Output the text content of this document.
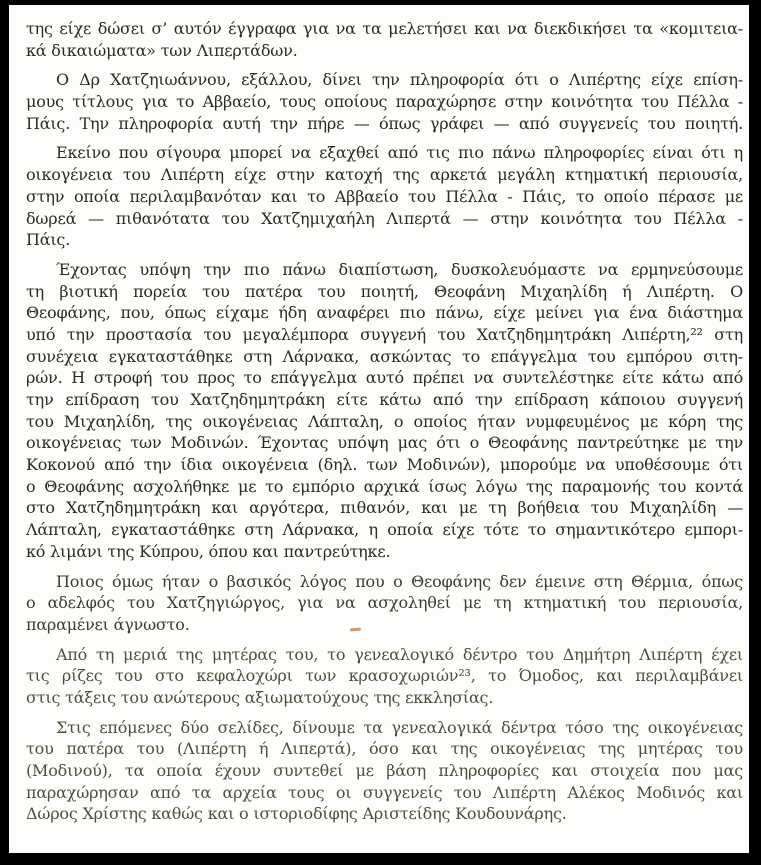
της είχε δώσει σ’ αυτόν έγγραφα για να τα μελετήσει και να διεκδικήσει τα «κομιτεια-
κά δικαιώματα» των Λιπερτάδων.
Ο Δρ Χατζηιωάννου, εξάλλου, δίνει την πληροφορία ότι ο Λιπέρτης είχε επίση-
μους τίτλους για το Αββαείο, τους οποίους παραχώρησε στην κοινότητα του Πέλλα -
Πάις. Την πληροφορία αυτή την πήρε — όπως γράφει — από συγγενείς του ποιητή.
Εκείνο που σίγουρα μπορεί να εξαχθεί από τις πιο πάνω πληροφορίες είναι ότι η
οικογένεια του Λιπέρτη είχε στην κατοχή της αρκετά μεγάλη κτηματική περιουσία,
στην οποία περιλαμβανόταν και το Αββαείο του Πέλλα - Πάις, το οποίο πέρασε με
δωρεά — πιθανότατα του Χατζημιχαήλη Λιπερτά — στην κοινότητα του Πέλλα -
Πάις.
Έχοντας υπόψη την πιο πάνω διαπίστωση, δυσκολευόμαστε να ερμηνεύσουμε
τη βιοτική πορεία του πατέρα του ποιητή, Θεοφάνη Μιχαηλίδη ή Λιπέρτη. Ο
Θεοφάνης, που, όπως είχαμε ήδη αναφέρει πιο πάνω, είχε μείνει για ένα διάστημα
υπό την προστασία του μεγαλέμπορα συγγενή του Χατζηδημητράκη Λιπέρτη,²² στη
συνέχεια εγκαταστάθηκε στη Λάρνακα, ασκώντας το επάγγελμα του εμπόρου σιτη-
ρών. Η στροφή του προς το επάγγελμα αυτό πρέπει να συντελέστηκε είτε κάτω από
την επίδραση του Χατζηδημητράκη είτε κάτω από την επίδραση κάποιου συγγενή
του Μιχαηλίδη, της οικογένειας Λάπταλη, ο οποίος ήταν νυμφευμένος με κόρη της
οικογένειας των Μοδινών. Έχοντας υπόψη μας ότι ο Θεοφάνης παντρεύτηκε με την
Κοκονού από την ίδια οικογένεια (δηλ. των Μοδινών), μπορούμε να υποθέσουμε ότι
ο Θεοφάνης ασχολήθηκε με το εμπόριο αρχικά ίσως λόγω της παραμονής του κοντά
στο Χατζηδημητράκη και αργότερα, πιθανόν, και με τη βοήθεια του Μιχαηλίδη —
Λάπταλη, εγκαταστάθηκε στη Λάρνακα, η οποία είχε τότε το σημαντικότερο εμπορι-
κό λιμάνι της Κύπρου, όπου και παντρεύτηκε.
Ποιος όμως ήταν ο βασικός λόγος που ο Θεοφάνης δεν έμεινε στη Θέρμια, όπως
ο αδελφός του Χατζηγιώργος, για να ασχοληθεί με τη κτηματική του περιουσία,
παραμένει άγνωστο.
Από τη μεριά της μητέρας του, το γενεαλογικό δέντρο του Δημήτρη Λιπέρτη έχει
τις ρίζες του στο κεφαλοχώρι των κρασοχωριών²³, το Όμοδος, και περιλαμβάνει
στις τάξεις του ανώτερους αξιωματούχους της εκκλησίας.
Στις επόμενες δύο σελίδες, δίνουμε τα γενεαλογικά δέντρα τόσο της οικογένειας
του πατέρα του (Λιπέρτη ή Λιπερτά), όσο και της οικογένειας της μητέρας του
(Μοδινού), τα οποία έχουν συντεθεί με βάση πληροφορίες και στοιχεία που μας
παραχώρησαν από τα αρχεία τους οι συγγενείς του Λιπέρτη Αλέκος Μοδινός και
Δώρος Χρίστης καθώς και ο ιστοριοδίφης Αριστείδης Κουδουνάρης.
